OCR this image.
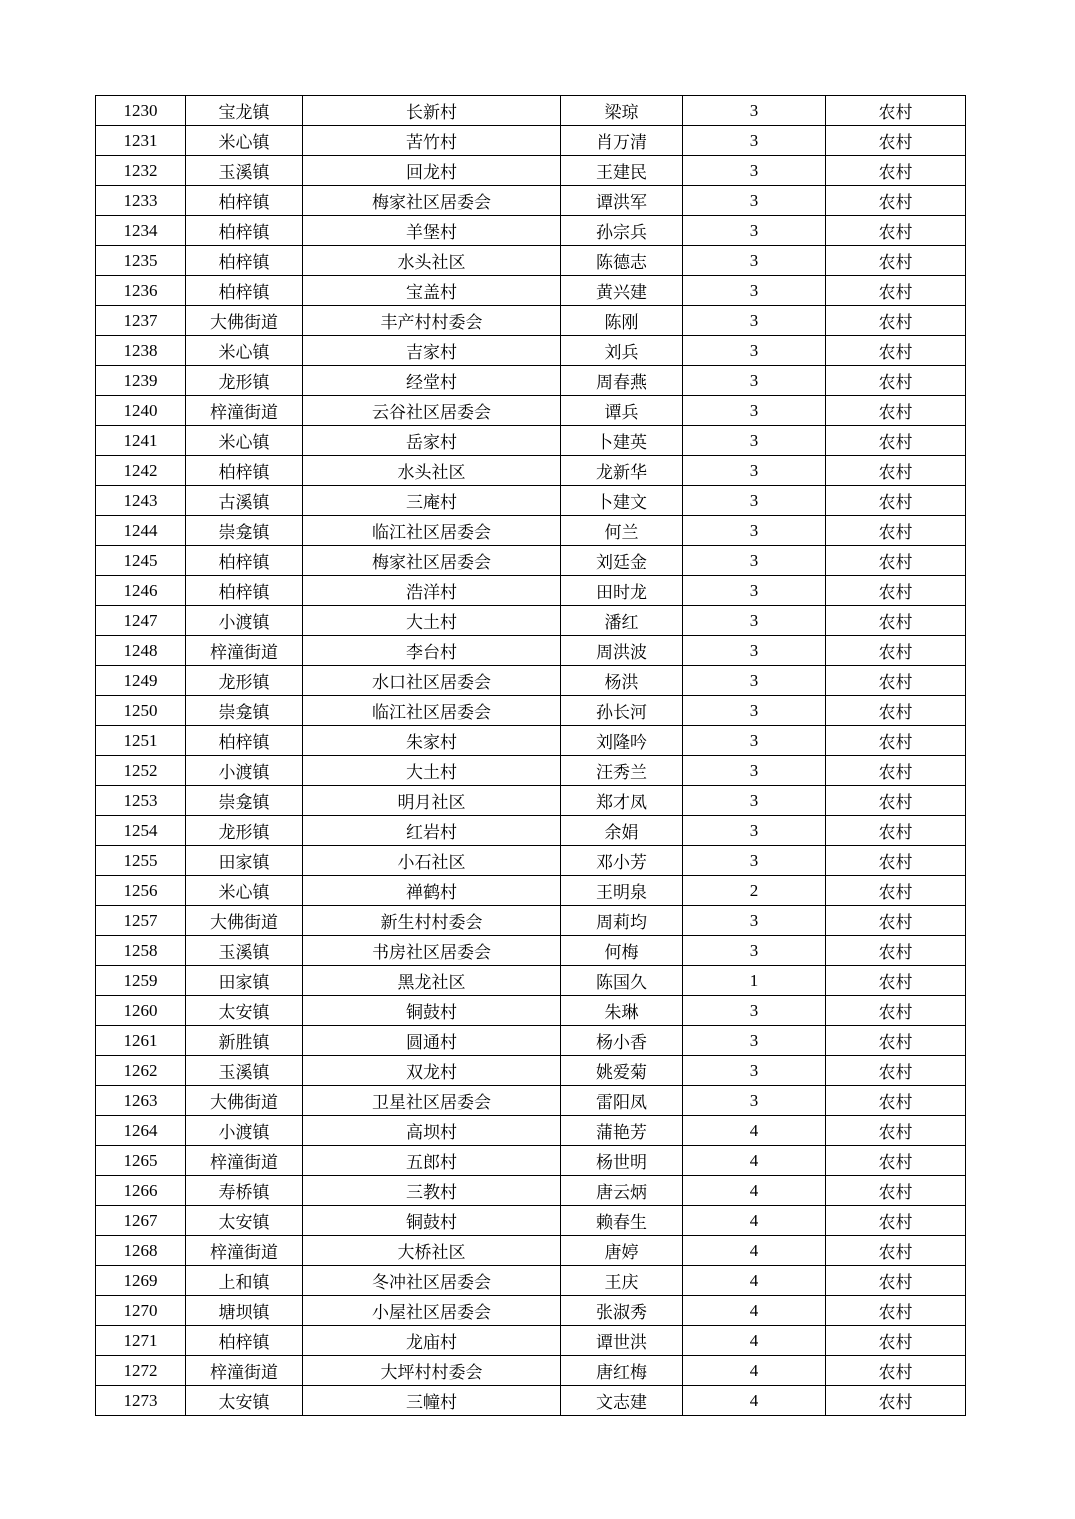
1230	宝龙镇	长新村	梁琼	3	农村
1231	米心镇	苦竹村	肖万清	3	农村
1232	玉溪镇	回龙村	王建民	3	农村
1233	柏梓镇	梅家社区居委会	谭洪军	3	农村
1234	柏梓镇	羊堡村	孙宗兵	3	农村
1235	柏梓镇	水头社区	陈德志	3	农村
1236	柏梓镇	宝盖村	黄兴建	3	农村
1237	大佛街道	丰产村村委会	陈刚	3	农村
1238	米心镇	吉家村	刘兵	3	农村
1239	龙形镇	经堂村	周春燕	3	农村
1240	梓潼街道	云谷社区居委会	谭兵	3	农村
1241	米心镇	岳家村	卜建英	3	农村
1242	柏梓镇	水头社区	龙新华	3	农村
1243	古溪镇	三庵村	卜建文	3	农村
1244	崇龛镇	临江社区居委会	何兰	3	农村
1245	柏梓镇	梅家社区居委会	刘廷金	3	农村
1246	柏梓镇	浩洋村	田时龙	3	农村
1247	小渡镇	大土村	潘红	3	农村
1248	梓潼街道	李台村	周洪波	3	农村
1249	龙形镇	水口社区居委会	杨洪	3	农村
1250	崇龛镇	临江社区居委会	孙长河	3	农村
1251	柏梓镇	朱家村	刘隆吟	3	农村
1252	小渡镇	大土村	汪秀兰	3	农村
1253	崇龛镇	明月社区	郑才凤	3	农村
1254	龙形镇	红岩村	余娟	3	农村
1255	田家镇	小石社区	邓小芳	3	农村
1256	米心镇	禅鹤村	王明泉	2	农村
1257	大佛街道	新生村村委会	周莉均	3	农村
1258	玉溪镇	书房社区居委会	何梅	3	农村
1259	田家镇	黑龙社区	陈国久	1	农村
1260	太安镇	铜鼓村	朱琳	3	农村
1261	新胜镇	圆通村	杨小香	3	农村
1262	玉溪镇	双龙村	姚爱菊	3	农村
1263	大佛街道	卫星社区居委会	雷阳凤	3	农村
1264	小渡镇	高坝村	蒲艳芳	4	农村
1265	梓潼街道	五郎村	杨世明	4	农村
1266	寿桥镇	三教村	唐云炳	4	农村
1267	太安镇	铜鼓村	赖春生	4	农村
1268	梓潼街道	大桥社区	唐婷	4	农村
1269	上和镇	冬冲社区居委会	王庆	4	农村
1270	塘坝镇	小屋社区居委会	张淑秀	4	农村
1271	柏梓镇	龙庙村	谭世洪	4	农村
1272	梓潼街道	大坪村村委会	唐红梅	4	农村
1273	太安镇	三幢村	文志建	4	农村
